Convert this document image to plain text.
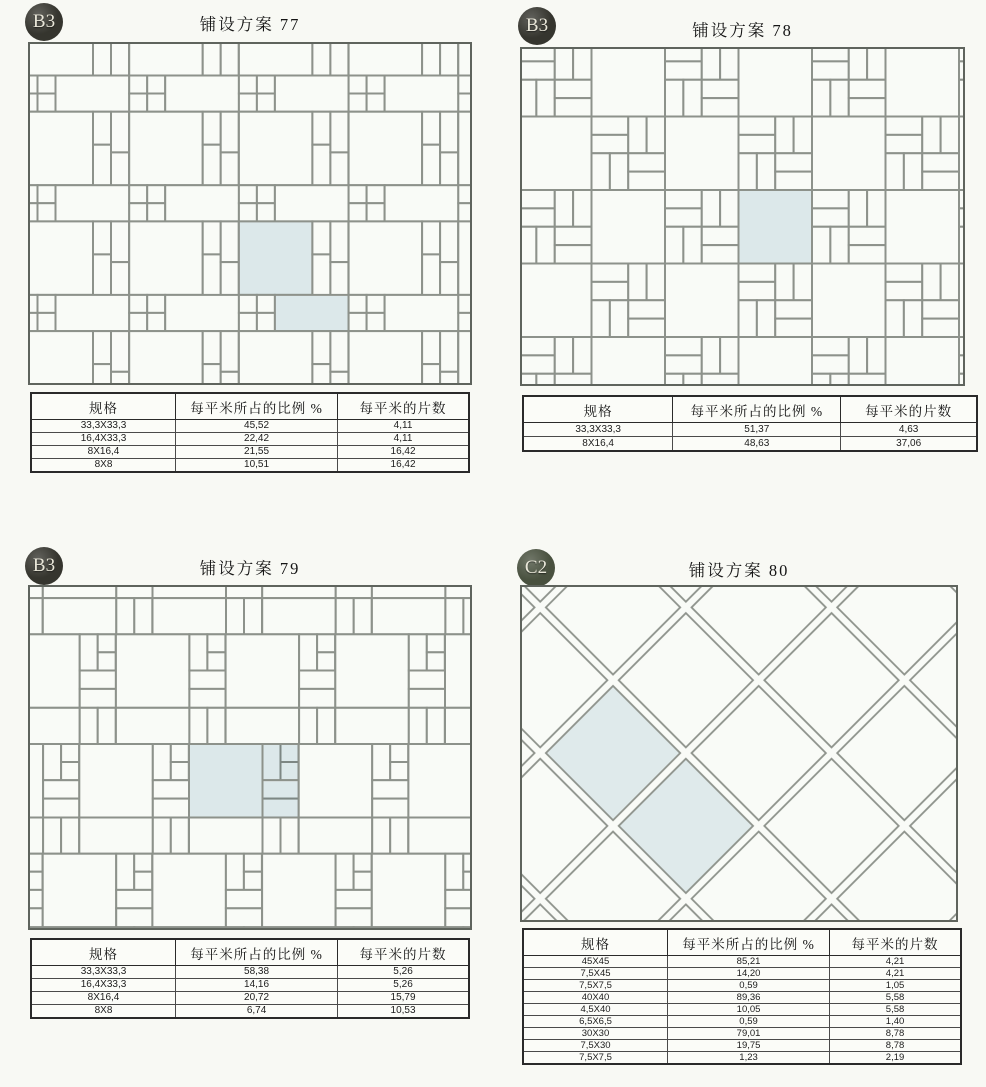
B3	铺设方案 77
规格	每平米所占的比例 %	每平米的片数
33,3X33,3	45,52	4,11
16,4X33,3	22,42	4,11
8X16,4	21,55	16,42
8X8	10,51	16,42
B3	铺设方案 78
规格	每平米所占的比例 %	每平米的片数
33,3X33,3	51,37	4,63
8X16,4	48,63	37,06
B3	铺设方案 79
规格	每平米所占的比例 %	每平米的片数
33,3X33,3	58,38	5,26
16,4X33,3	14,16	5,26
8X16,4	20,72	15,79
8X8	6,74	10,53
C2	铺设方案 80
规格	每平米所占的比例 %	每平米的片数
45X45	85,21	4,21
7,5X45	14,20	4,21
7,5X7,5	0,59	1,05
40X40	89,36	5,58
4,5X40	10,05	5,58
6,5X6,5	0,59	1,40
30X30	79,01	8,78
7,5X30	19,75	8,78
7,5X7,5	1,23	2,19
